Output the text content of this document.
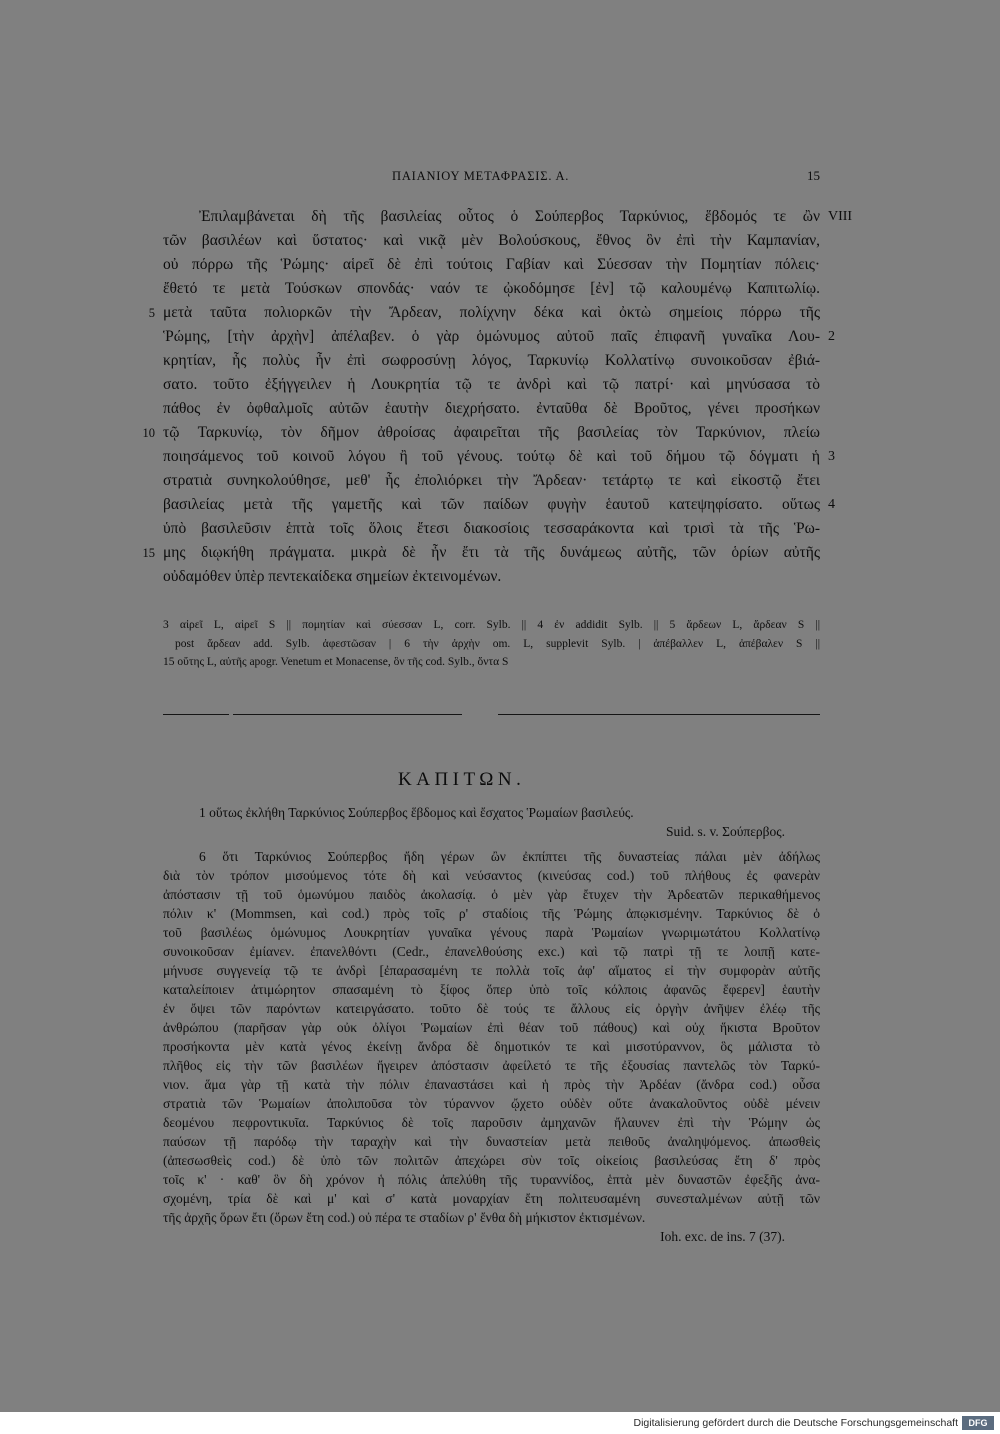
ΠΑΙΑΝΙΟΥ ΜΕΤΑΦΡΑΣΙΣ. Α.	15
Ἐπιλαμβάνεται δὴ τῆς βασιλείας οὗτος ὁ Σούπερβος Ταρκύνιος, ἕβδομός τε ὢν VIII
τῶν βασιλέων καὶ ὕστατος· καὶ νικᾷ μὲν Βολούσκους, ἔθνος ὃν ἐπὶ τὴν Καμπανίαν,
οὐ πόρρω τῆς Ῥώμης· αἱρεῖ δὲ ἐπὶ τούτοις Γαβίαν καὶ Σύεσσαν τὴν Πομητίαν πόλεις·
ἔθετό τε μετὰ Τούσκων σπονδάς· ναόν τε ᾠκοδόμησε [ἐν] τῷ καλουμένῳ Καπιτωλίῳ.
5 μετὰ ταῦτα πολιορκῶν τὴν Ἄρδεαν, πολίχνην δέκα καὶ ὀκτὼ σημείοις πόρρω τῆς
Ῥώμης, [τὴν ἀρχὴν] ἀπέλαβεν. ὁ γὰρ ὁμώνυμος αὐτοῦ παῖς ἐπιφανῆ γυναῖκα Λου- 2
κρητίαν, ἧς πολὺς ἦν ἐπὶ σωφροσύνῃ λόγος, Ταρκυνίῳ Κολλατίνῳ συνοικοῦσαν ἐβιά-
σατο. τοῦτο ἐξήγγειλεν ἡ Λουκρητία τῷ τε ἀνδρὶ καὶ τῷ πατρί· καὶ μηνύσασα τὸ
πάθος ἐν ὀφθαλμοῖς αὐτῶν ἑαυτὴν διεχρήσατο. ἐνταῦθα δὲ Βροῦτος, γένει προσήκων
10 τῷ Ταρκυνίῳ, τὸν δῆμον ἀθροίσας ἀφαιρεῖται τῆς βασιλείας τὸν Ταρκύνιον, πλείω
ποιησάμενος τοῦ κοινοῦ λόγου ἢ τοῦ γένους. τούτῳ δὲ καὶ τοῦ δήμου τῷ δόγματι ἡ 3
στρατιὰ συνηκολούθησε, μεθ' ἧς ἐπολιόρκει τὴν Ἄρδεαν· τετάρτῳ τε καὶ εἰκοστῷ ἔτει
βασιλείας μετὰ τῆς γαμετῆς καὶ τῶν παίδων φυγὴν ἑαυτοῦ κατεψηφίσατο. οὕτως 4
ὑπὸ βασιλεῦσιν ἑπτὰ τοῖς ὅλοις ἔτεσι διακοσίοις τεσσαράκοντα καὶ τρισὶ τὰ τῆς Ῥω-
15 μης διῳκήθη πράγματα. μικρὰ δὲ ἦν ἔτι τὰ τῆς δυνάμεως αὐτῆς, τῶν ὁρίων αὐτῆς
οὐδαμόθεν ὑπὲρ πεντεκαίδεκα σημείων ἐκτεινομένων.
3 αἰρεῖ L, αἱρεῖ S || πομητίαν καὶ σύεσσαν L, corr. Sylb. || 4 ἐν addidit Sylb. || 5 ἄρδεων L, ἄρδεαν S ||
post ἄρδεαν add. Sylb. ἀφεστῶσαν | 6 τὴν ἀρχὴν om. L, supplevit Sylb. | ἀπέβαλλεν L, ἀπέβαλεν S ||
15 οὕτης L, αὐτῆς apogr. Venetum et Monacense, ὃν τῆς cod. Sylb., ὄντα S
ΚΑΠΙΤΩΝ.
1 οὕτως ἐκλήθη Ταρκύνιος Σούπερβος ἕβδομος καὶ ἔσχατος Ῥωμαίων βασιλεύς.
Suid. s. v. Σούπερβος.
6 ὅτι Ταρκύνιος Σούπερβος ἤδη γέρων ὢν ἐκπίπτει τῆς δυναστείας πάλαι μὲν ἀδήλως
διὰ τὸν τρόπον μισούμενος τότε δὴ καὶ νεύσαντος (κινεύσας cod.) τοῦ πλήθους ἐς φανερὰν
ἀπόστασιν τῇ τοῦ ὁμωνύμου παιδὸς ἀκολασίᾳ. ὁ μὲν γὰρ ἔτυχεν τὴν Ἀρδεατῶν περικαθήμενος
πόλιν κ' (Mommsen, καὶ cod.) πρὸς τοῖς ρ' σταδίοις τῆς Ῥώμης ἀπῳκισμένην. Ταρκύνιος δὲ ὁ
τοῦ βασιλέως ὁμώνυμος Λουκρητίαν γυναῖκα γένους παρὰ Ῥωμαίων γνωριμωτάτου Κολλατίνῳ
συνοικοῦσαν ἐμίανεν. ἐπανελθόντι (Cedr., ἐπανελθούσης exc.) καὶ τῷ πατρὶ τῇ τε λοιπῇ κατε-
μήνυσε συγγενείᾳ τῷ τε ἀνδρὶ [ἐπαρασαμένη τε πολλὰ τοῖς ἀφ' αἵματος εἰ τὴν συμφορὰν αὐτῆς
καταλείποιεν ἀτιμώρητον σπασαμένη τὸ ξίφος ὅπερ ὑπὸ τοῖς κόλποις ἀφανῶς ἔφερεν] ἑαυτὴν
ἐν ὄψει τῶν παρόντων κατειργάσατο. τοῦτο δὲ τούς τε ἄλλους εἰς ὀργὴν ἀνῆψεν ἐλέῳ τῆς
ἀνθρώπου (παρῆσαν γὰρ οὐκ ὀλίγοι Ῥωμαίων ἐπὶ θέαν τοῦ πάθους) καὶ οὐχ ἥκιστα Βροῦτον
προσήκοντα μὲν κατὰ γένος ἐκείνῃ ἄνδρα δὲ δημοτικόν τε καὶ μισοτύραννον, ὃς μάλιστα τὸ
πλῆθος εἰς τὴν τῶν βασιλέων ἤγειρεν ἀπόστασιν ἀφείλετό τε τῆς ἐξουσίας παντελῶς τὸν Ταρκύ-
νιον. ἅμα γὰρ τῇ κατὰ τὴν πόλιν ἐπαναστάσει καὶ ἡ πρὸς τὴν Ἀρδέαν (ἄνδρα cod.) οὖσα
στρατιὰ τῶν Ῥωμαίων ἀπολιποῦσα τὸν τύραννον ᾤχετο οὐδὲν οὔτε ἀνακαλοῦντος οὐδὲ μένειν
δεομένου πεφροντικυῖα. Ταρκύνιος δὲ τοῖς παροῦσιν ἀμηχανῶν ἤλαυνεν ἐπὶ τὴν Ῥώμην ὡς
παύσων τῇ παρόδῳ τὴν ταραχὴν καὶ τὴν δυναστείαν μετὰ πειθοῦς ἀναληψόμενος. ἀπωσθεὶς
(ἀπεσωσθεὶς cod.) δὲ ὑπὸ τῶν πολιτῶν ἀπεχώρει σὺν τοῖς οἰκείοις βασιλεύσας ἔτη δ' πρὸς
τοῖς κ' · καθ' ὃν δὴ χρόνον ἡ πόλις ἀπελύθη τῆς τυραννίδος, ἑπτὰ μὲν δυναστῶν ἐφεξῆς ἀνα-
σχομένη, τρία δὲ καὶ μ' καὶ σ' κατὰ μοναρχίαν ἔτη πολιτευσαμένη συνεσταλμένων αὐτῇ τῶν
τῆς ἀρχῆς ὅρων ἔτι (ὅρων ἔτη cod.) οὐ πέρα τε σταδίων ρ' ἔνθα δὴ μήκιστον ἐκτισμένων.
Ioh. exc. de ins. 7 (37).
Digitalisierung gefördert durch die Deutsche Forschungsgemeinschaft	DFG
